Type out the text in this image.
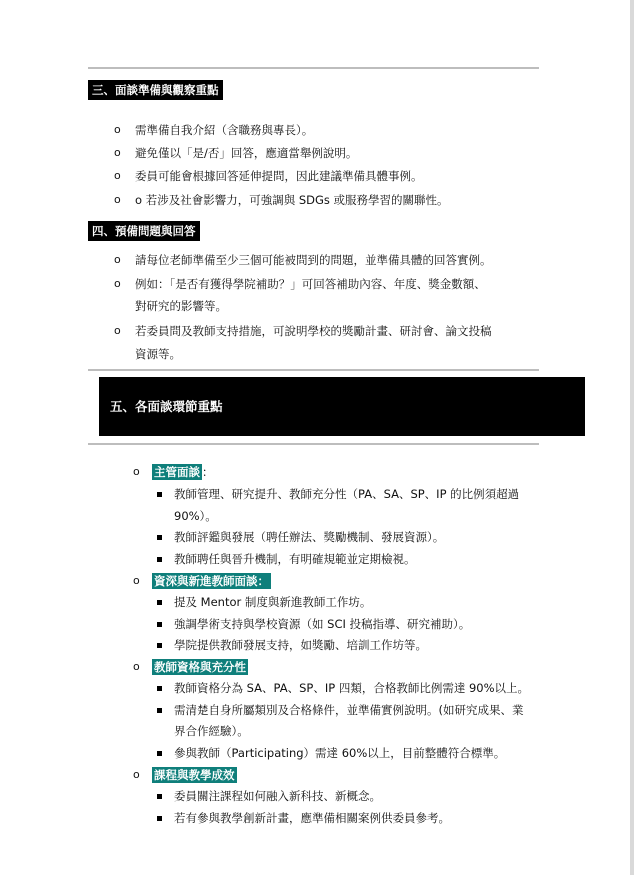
三、面談準備與觀察重點
o 需準備自我介紹（含職務與專長）。
o 避免僅以「是/否」回答，應適當舉例說明。
o 委員可能會根據回答延伸提問，因此建議準備具體事例。
o o 若涉及社會影響力，可強調與 SDGs 或服務學習的關聯性。
四、預備問題與回答
o 請每位老師準備至少三個可能被問到的問題，並準備具體的回答實例。
o 例如：「是否有獲得學院補助？」可回答補助內容、年度、獎金數額、
對研究的影響等。
o 若委員問及教師支持措施，可說明學校的獎勵計畫、研討會、論文投稿
資源等。
五、各面談環節重點
o 主管面談 ：
教師管理、研究提升、教師充分性（PA、SA、SP、IP 的比例須超過
90%）。
教師評鑑與發展（聘任辦法、獎勵機制、發展資源）。
教師聘任與晉升機制，有明確規範並定期檢視。
o 資深與新進教師面談：
提及 Mentor 制度與新進教師工作坊。
強調學術支持與學校資源（如 SCI 投稿指導、研究補助）。
學院提供教師發展支持，如獎勵、培訓工作坊等。
o 教師資格與充分性
教師資格分為 SA、PA、SP、IP 四類，合格教師比例需達 90%以上。
需清楚自身所屬類別及合格條件，並準備實例說明。(如研究成果、業
界合作經驗）。
參與教師（Participating）需達 60%以上，目前整體符合標準。
o 課程與教學成效
委員關注課程如何融入新科技、新概念。
若有參與教學創新計畫，應準備相關案例供委員參考。
